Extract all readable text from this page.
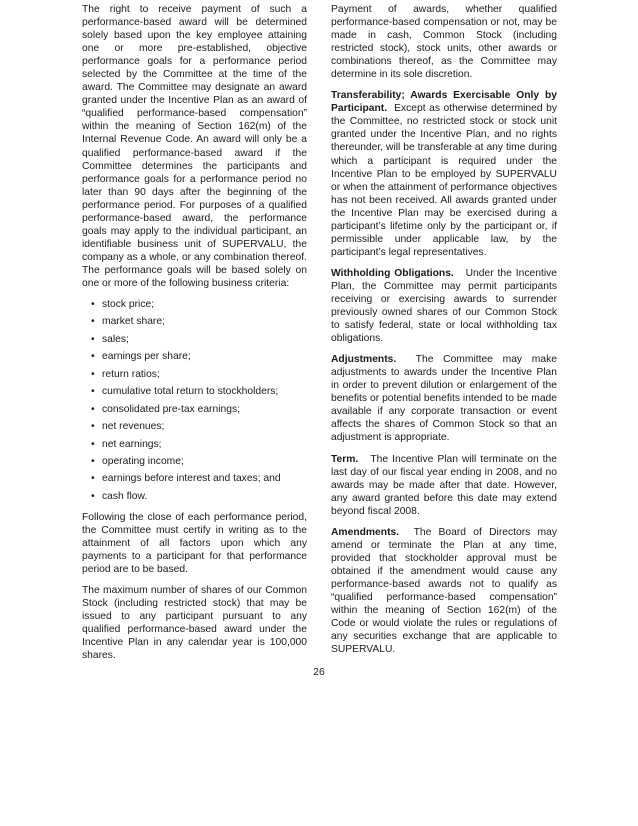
The right to receive payment of such a performance-based award will be determined solely based upon the key employee attaining one or more pre-established, objective performance goals for a performance period selected by the Committee at the time of the award. The Committee may designate an award granted under the Incentive Plan as an award of “qualified performance-based compensation” within the meaning of Section 162(m) of the Internal Revenue Code. An award will only be a qualified performance-based award if the Committee determines the participants and performance goals for a performance period no later than 90 days after the beginning of the performance period. For purposes of a qualified performance-based award, the performance goals may apply to the individual participant, an identifiable business unit of SUPERVALU, the company as a whole, or any combination thereof. The performance goals will be based solely on one or more of the following business criteria:

• stock price;
• market share;
• sales;
• earnings per share;
• return ratios;
• cumulative total return to stockholders;
• consolidated pre-tax earnings;
• net revenues;
• net earnings;
• operating income;
• earnings before interest and taxes; and
• cash flow.

Following the close of each performance period, the Committee must certify in writing as to the attainment of all factors upon which any payments to a participant for that performance period are to be based.

The maximum number of shares of our Common Stock (including restricted stock) that may be issued to any participant pursuant to any qualified performance-based award under the Incentive Plan in any calendar year is 100,000 shares.

Payment of awards, whether qualified performance-based compensation or not, may be made in cash, Common Stock (including restricted stock), stock units, other awards or combinations thereof, as the Committee may determine in its sole discretion.

Transferability; Awards Exercisable Only by Participant. Except as otherwise determined by the Committee, no restricted stock or stock unit granted under the Incentive Plan, and no rights thereunder, will be transferable at any time during which a participant is required under the Incentive Plan to be employed by SUPERVALU or when the attainment of performance objectives has not been received. All awards granted under the Incentive Plan may be exercised during a participant’s lifetime only by the participant or, if permissible under applicable law, by the participant’s legal representatives.

Withholding Obligations. Under the Incentive Plan, the Committee may permit participants receiving or exercising awards to surrender previously owned shares of our Common Stock to satisfy federal, state or local withholding tax obligations.

Adjustments. The Committee may make adjustments to awards under the Incentive Plan in order to prevent dilution or enlargement of the benefits or potential benefits intended to be made available if any corporate transaction or event affects the shares of Common Stock so that an adjustment is appropriate.

Term. The Incentive Plan will terminate on the last day of our fiscal year ending in 2008, and no awards may be made after that date. However, any award granted before this date may extend beyond fiscal 2008.

Amendments. The Board of Directors may amend or terminate the Plan at any time, provided that stockholder approval must be obtained if the amendment would cause any performance-based awards not to qualify as “qualified performance-based compensation” within the meaning of Section 162(m) of the Code or would violate the rules or regulations of any securities exchange that are applicable to SUPERVALU.

26
